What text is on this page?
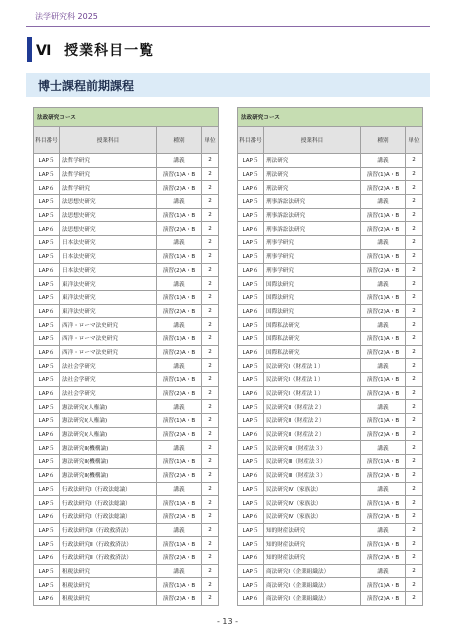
法学研究科 2025
Ⅵ 授業科目一覧
博士課程前期課程
法政研究コース			
科目番号	授業科目	種別	単位
LAP５	法哲学研究	講義	2
LAP５	法哲学研究	演習(1)A・B	2
LAP６	法哲学研究	演習(2)A・B	2
LAP５	法思想史研究	講義	2
LAP５	法思想史研究	演習(1)A・B	2
LAP６	法思想史研究	演習(2)A・B	2
LAP５	日本法史研究	講義	2
LAP５	日本法史研究	演習(1)A・B	2
LAP６	日本法史研究	演習(2)A・B	2
LAP５	東洋法史研究	講義	2
LAP５	東洋法史研究	演習(1)A・B	2
LAP６	東洋法史研究	演習(2)A・B	2
LAP５	西洋・ローマ法史研究	講義	2
LAP５	西洋・ローマ法史研究	演習(1)A・B	2
LAP６	西洋・ローマ法史研究	演習(2)A・B	2
LAP５	法社会学研究	講義	2
LAP５	法社会学研究	演習(1)A・B	2
LAP６	法社会学研究	演習(2)A・B	2
LAP５	憲法研究Ⅰ(人権論)	講義	2
LAP５	憲法研究Ⅰ(人権論)	演習(1)A・B	2
LAP６	憲法研究Ⅰ(人権論)	演習(2)A・B	2
LAP５	憲法研究Ⅱ(機構論)	講義	2
LAP５	憲法研究Ⅱ(機構論)	演習(1)A・B	2
LAP６	憲法研究Ⅱ(機構論)	演習(2)A・B	2
LAP５	行政法研究Ⅰ（行政法総論）	講義	2
LAP５	行政法研究Ⅰ（行政法総論）	演習(1)A・B	2
LAP６	行政法研究Ⅰ（行政法総論）	演習(2)A・B	2
LAP５	行政法研究Ⅱ（行政救済法）	講義	2
LAP５	行政法研究Ⅱ（行政救済法）	演習(1)A・B	2
LAP６	行政法研究Ⅱ（行政救済法）	演習(2)A・B	2
LAP５	租税法研究	講義	2
LAP５	租税法研究	演習(1)A・B	2
LAP６	租税法研究	演習(2)A・B	2
法政研究コース			
科目番号	授業科目	種別	単位
LAP５	刑法研究	講義	2
LAP５	刑法研究	演習(1)A・B	2
LAP６	刑法研究	演習(2)A・B	2
LAP５	刑事訴訟法研究	講義	2
LAP５	刑事訴訟法研究	演習(1)A・B	2
LAP６	刑事訴訟法研究	演習(2)A・B	2
LAP５	刑事学研究	講義	2
LAP５	刑事学研究	演習(1)A・B	2
LAP６	刑事学研究	演習(2)A・B	2
LAP５	国際法研究	講義	2
LAP５	国際法研究	演習(1)A・B	2
LAP６	国際法研究	演習(2)A・B	2
LAP５	国際私法研究	講義	2
LAP５	国際私法研究	演習(1)A・B	2
LAP６	国際私法研究	演習(2)A・B	2
LAP５	民法研究Ⅰ（財産法１）	講義	2
LAP５	民法研究Ⅰ（財産法１）	演習(1)A・B	2
LAP６	民法研究Ⅰ（財産法１）	演習(2)A・B	2
LAP５	民法研究Ⅱ（財産法２）	講義	2
LAP５	民法研究Ⅱ（財産法２）	演習(1)A・B	2
LAP６	民法研究Ⅱ（財産法２）	演習(2)A・B	2
LAP５	民法研究Ⅲ（財産法３）	講義	2
LAP５	民法研究Ⅲ（財産法３）	演習(1)A・B	2
LAP６	民法研究Ⅲ（財産法３）	演習(2)A・B	2
LAP５	民法研究Ⅳ（家族法）	講義	2
LAP５	民法研究Ⅳ（家族法）	演習(1)A・B	2
LAP６	民法研究Ⅳ（家族法）	演習(2)A・B	2
LAP５	知的財産法研究	講義	2
LAP５	知的財産法研究	演習(1)A・B	2
LAP６	知的財産法研究	演習(2)A・B	2
LAP５	商法研究Ⅰ（企業組織法）	講義	2
LAP５	商法研究Ⅰ（企業組織法）	演習(1)A・B	2
LAP６	商法研究Ⅰ（企業組織法）	演習(2)A・B	2
- 13 -
